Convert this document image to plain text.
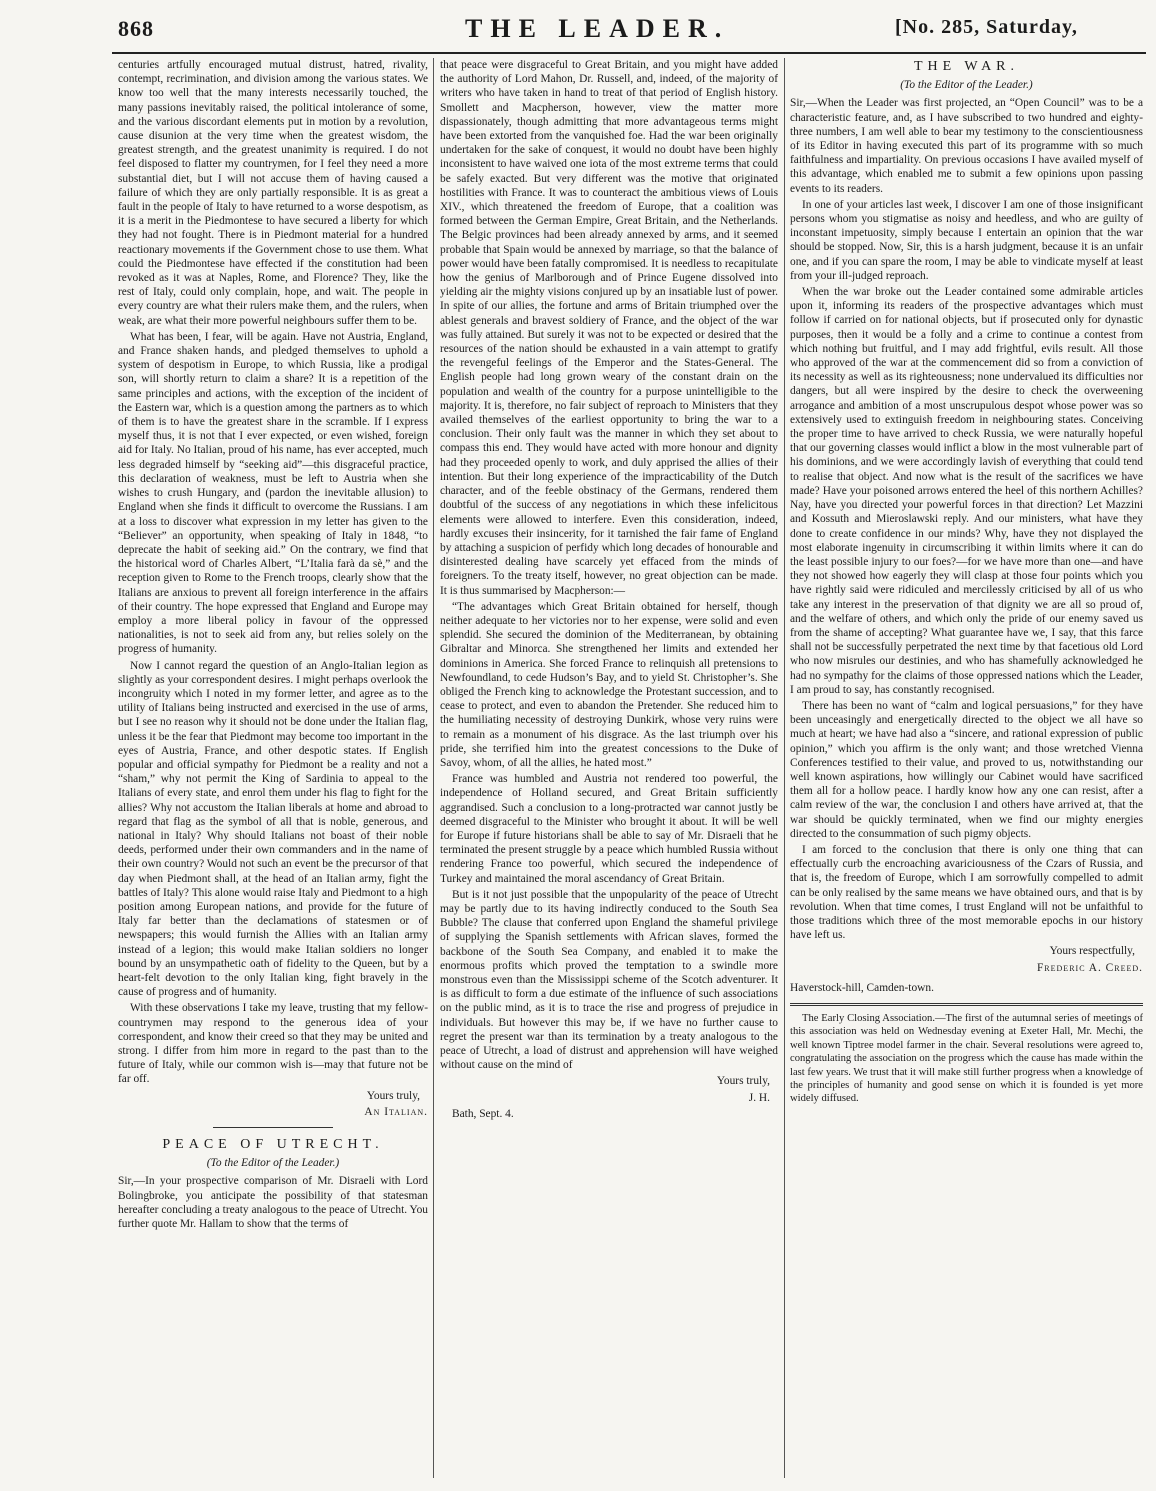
868	THE LEADER.	[No. 285, Saturday,

centuries artfully encouraged mutual distrust, hatred, rivality, contempt, recrimination, and division among the various states. We know too well that the many interests necessarily touched, the many passions inevitably raised, the political intolerance of some, and the various discordant elements put in motion by a revolution, cause disunion at the very time when the greatest wisdom, the greatest strength, and the greatest unanimity is required. I do not feel disposed to flatter my countrymen, for I feel they need a more substantial diet, but I will not accuse them of having caused a failure of which they are only partially responsible. It is as great a fault in the people of Italy to have returned to a worse despotism, as it is a merit in the Piedmontese to have secured a liberty for which they had not fought. There is in Piedmont material for a hundred reactionary movements if the Government chose to use them. What could the Piedmontese have effected if the constitution had been revoked as it was at Naples, Rome, and Florence? They, like the rest of Italy, could only complain, hope, and wait. The people in every country are what their rulers make them, and the rulers, when weak, are what their more powerful neighbours suffer them to be.

What has been, I fear, will be again. Have not Austria, England, and France shaken hands, and pledged themselves to uphold a system of despotism in Europe, to which Russia, like a prodigal son, will shortly return to claim a share? It is a repetition of the same principles and actions, with the exception of the incident of the Eastern war, which is a question among the partners as to which of them is to have the greatest share in the scramble. If I express myself thus, it is not that I ever expected, or even wished, foreign aid for Italy. No Italian, proud of his name, has ever accepted, much less degraded himself by “seeking aid”—this disgraceful practice, this declaration of weakness, must be left to Austria when she wishes to crush Hungary, and (pardon the inevitable allusion) to England when she finds it difficult to overcome the Russians. I am at a loss to discover what expression in my letter has given to the “Believer” an opportunity, when speaking of Italy in 1848, “to deprecate the habit of seeking aid.” On the contrary, we find that the historical word of Charles Albert, “L’Italia farà da sè,” and the reception given to Rome to the French troops, clearly show that the Italians are anxious to prevent all foreign interference in the affairs of their country. The hope expressed that England and Europe may employ a more liberal policy in favour of the oppressed nationalities, is not to seek aid from any, but relies solely on the progress of humanity.

Now I cannot regard the question of an Anglo-Italian legion as slightly as your correspondent desires. I might perhaps overlook the incongruity which I noted in my former letter, and agree as to the utility of Italians being instructed and exercised in the use of arms, but I see no reason why it should not be done under the Italian flag, unless it be the fear that Piedmont may become too important in the eyes of Austria, France, and other despotic states. If English popular and official sympathy for Piedmont be a reality and not a “sham,” why not permit the King of Sardinia to appeal to the Italians of every state, and enrol them under his flag to fight for the allies? Why not accustom the Italian liberals at home and abroad to regard that flag as the symbol of all that is noble, generous, and national in Italy? Why should Italians not boast of their noble deeds, performed under their own commanders and in the name of their own country? Would not such an event be the precursor of that day when Piedmont shall, at the head of an Italian army, fight the battles of Italy? This alone would raise Italy and Piedmont to a high position among European nations, and provide for the future of Italy far better than the declamations of statesmen or of newspapers; this would furnish the Allies with an Italian army instead of a legion; this would make Italian soldiers no longer bound by an unsympathetic oath of fidelity to the Queen, but by a heart-felt devotion to the only Italian king, fight bravely in the cause of progress and of humanity.

With these observations I take my leave, trusting that my fellow-countrymen may respond to the generous idea of your correspondent, and know their creed so that they may be united and strong. I differ from him more in regard to the past than to the future of Italy, while our common wish is—may that future not be far off.

Yours truly,
An Italian.
PEACE OF UTRECHT.
(To the Editor of the Leader.)

Sir,—In your prospective comparison of Mr. Disraeli with Lord Bolingbroke, you anticipate the possibility of that statesman hereafter concluding a treaty analogous to the peace of Utrecht. You further quote Mr. Hallam to show that the terms of

that peace were disgraceful to Great Britain, and you might have added the authority of Lord Mahon, Dr. Russell, and, indeed, of the majority of writers who have taken in hand to treat of that period of English history. Smollett and Macpherson, however, view the matter more dispassionately, though admitting that more advantageous terms might have been extorted from the vanquished foe. Had the war been originally undertaken for the sake of conquest, it would no doubt have been highly inconsistent to have waived one iota of the most extreme terms that could be safely exacted. But very different was the motive that originated hostilities with France. It was to counteract the ambitious views of Louis XIV., which threatened the freedom of Europe, that a coalition was formed between the German Empire, Great Britain, and the Netherlands. The Belgic provinces had been already annexed by arms, and it seemed probable that Spain would be annexed by marriage, so that the balance of power would have been fatally compromised. It is needless to recapitulate how the genius of Marlborough and of Prince Eugene dissolved into yielding air the mighty visions conjured up by an insatiable lust of power. In spite of our allies, the fortune and arms of Britain triumphed over the ablest generals and bravest soldiery of France, and the object of the war was fully attained. But surely it was not to be expected or desired that the resources of the nation should be exhausted in a vain attempt to gratify the revengeful feelings of the Emperor and the States-General. The English people had long grown weary of the constant drain on the population and wealth of the country for a purpose unintelligible to the majority. It is, therefore, no fair subject of reproach to Ministers that they availed themselves of the earliest opportunity to bring the war to a conclusion. Their only fault was the manner in which they set about to compass this end. They would have acted with more honour and dignity had they proceeded openly to work, and duly apprised the allies of their intention. But their long experience of the impracticability of the Dutch character, and of the feeble obstinacy of the Germans, rendered them doubtful of the success of any negotiations in which these infelicitous elements were allowed to interfere. Even this consideration, indeed, hardly excuses their insincerity, for it tarnished the fair fame of England by attaching a suspicion of perfidy which long decades of honourable and disinterested dealing have scarcely yet effaced from the minds of foreigners. To the treaty itself, however, no great objection can be made. It is thus summarised by Macpherson:—

“The advantages which Great Britain obtained for herself, though neither adequate to her victories nor to her expense, were solid and even splendid. She secured the dominion of the Mediterranean, by obtaining Gibraltar and Minorca. She strengthened her limits and extended her dominions in America. She forced France to relinquish all pretensions to Newfoundland, to cede Hudson’s Bay, and to yield St. Christopher’s. She obliged the French king to acknowledge the Protestant succession, and to cease to protect, and even to abandon the Pretender. She reduced him to the humiliating necessity of destroying Dunkirk, whose very ruins were to remain as a monument of his disgrace. As the last triumph over his pride, she terrified him into the greatest concessions to the Duke of Savoy, whom, of all the allies, he hated most.”

France was humbled and Austria not rendered too powerful, the independence of Holland secured, and Great Britain sufficiently aggrandised. Such a conclusion to a long-protracted war cannot justly be deemed disgraceful to the Minister who brought it about. It will be well for Europe if future historians shall be able to say of Mr. Disraeli that he terminated the present struggle by a peace which humbled Russia without rendering France too powerful, which secured the independence of Turkey and maintained the moral ascendancy of Great Britain.

But is it not just possible that the unpopularity of the peace of Utrecht may be partly due to its having indirectly conduced to the South Sea Bubble? The clause that conferred upon England the shameful privilege of supplying the Spanish settlements with African slaves, formed the backbone of the South Sea Company, and enabled it to make the enormous profits which proved the temptation to a swindle more monstrous even than the Mississippi scheme of the Scotch adventurer. It is as difficult to form a due estimate of the influence of such associations on the public mind, as it is to trace the rise and progress of prejudice in individuals. But however this may be, if we have no further cause to regret the present war than its termination by a treaty analogous to the peace of Utrecht, a load of distrust and apprehension will have weighed without cause on the mind of

Yours truly,
J. H.

Bath, Sept. 4.

THE WAR.
(To the Editor of the Leader.)

Sir,—When the Leader was first projected, an “Open Council” was to be a characteristic feature, and, as I have subscribed to two hundred and eighty-three numbers, I am well able to bear my testimony to the conscientiousness of its Editor in having executed this part of its programme with so much faithfulness and impartiality. On previous occasions I have availed myself of this advantage, which enabled me to submit a few opinions upon passing events to its readers.

In one of your articles last week, I discover I am one of those insignificant persons whom you stigmatise as noisy and heedless, and who are guilty of inconstant impetuosity, simply because I entertain an opinion that the war should be stopped. Now, Sir, this is a harsh judgment, because it is an unfair one, and if you can spare the room, I may be able to vindicate myself at least from your ill-judged reproach.

When the war broke out the Leader contained some admirable articles upon it, informing its readers of the prospective advantages which must follow if carried on for national objects, but if prosecuted only for dynastic purposes, then it would be a folly and a crime to continue a contest from which nothing but fruitful, and I may add frightful, evils result. All those who approved of the war at the commencement did so from a conviction of its necessity as well as its righteousness; none undervalued its difficulties nor dangers, but all were inspired by the desire to check the overweening arrogance and ambition of a most unscrupulous despot whose power was so extensively used to extinguish freedom in neighbouring states. Conceiving the proper time to have arrived to check Russia, we were naturally hopeful that our governing classes would inflict a blow in the most vulnerable part of his dominions, and we were accordingly lavish of everything that could tend to realise that object. And now what is the result of the sacrifices we have made? Have your poisoned arrows entered the heel of this northern Achilles? Nay, have you directed your powerful forces in that direction? Let Mazzini and Kossuth and Mieroslawski reply. And our ministers, what have they done to create confidence in our minds? Why, have they not displayed the most elaborate ingenuity in circumscribing it within limits where it can do the least possible injury to our foes?—for we have more than one—and have they not showed how eagerly they will clasp at those four points which you have rightly said were ridiculed and mercilessly criticised by all of us who take any interest in the preservation of that dignity we are all so proud of, and the welfare of others, and which only the pride of our enemy saved us from the shame of accepting? What guarantee have we, I say, that this farce shall not be successfully perpetrated the next time by that facetious old Lord who now misrules our destinies, and who has shamefully acknowledged he had no sympathy for the claims of those oppressed nations which the Leader, I am proud to say, has constantly recognised.

There has been no want of “calm and logical persuasions,” for they have been unceasingly and energetically directed to the object we all have so much at heart; we have had also a “sincere, and rational expression of public opinion,” which you affirm is the only want; and those wretched Vienna Conferences testified to their value, and proved to us, notwithstanding our well known aspirations, how willingly our Cabinet would have sacrificed them all for a hollow peace. I hardly know how any one can resist, after a calm review of the war, the conclusion I and others have arrived at, that the war should be quickly terminated, when we find our mighty energies directed to the consummation of such pigmy objects.

I am forced to the conclusion that there is only one thing that can effectually curb the encroaching avariciousness of the Czars of Russia, and that is, the freedom of Europe, which I am sorrowfully compelled to admit can be only realised by the same means we have obtained ours, and that is by revolution. When that time comes, I trust England will not be unfaithful to those traditions which three of the most memorable epochs in our history have left us.

Yours respectfully,
Frederic A. Creed.
Haverstock-hill, Camden-town.

The Early Closing Association.—The first of the autumnal series of meetings of this association was held on Wednesday evening at Exeter Hall, Mr. Mechi, the well known Tiptree model farmer in the chair. Several resolutions were agreed to, congratulating the association on the progress which the cause has made within the last few years. We trust that it will make still further progress when a knowledge of the principles of humanity and good sense on which it is founded is yet more widely diffused.
